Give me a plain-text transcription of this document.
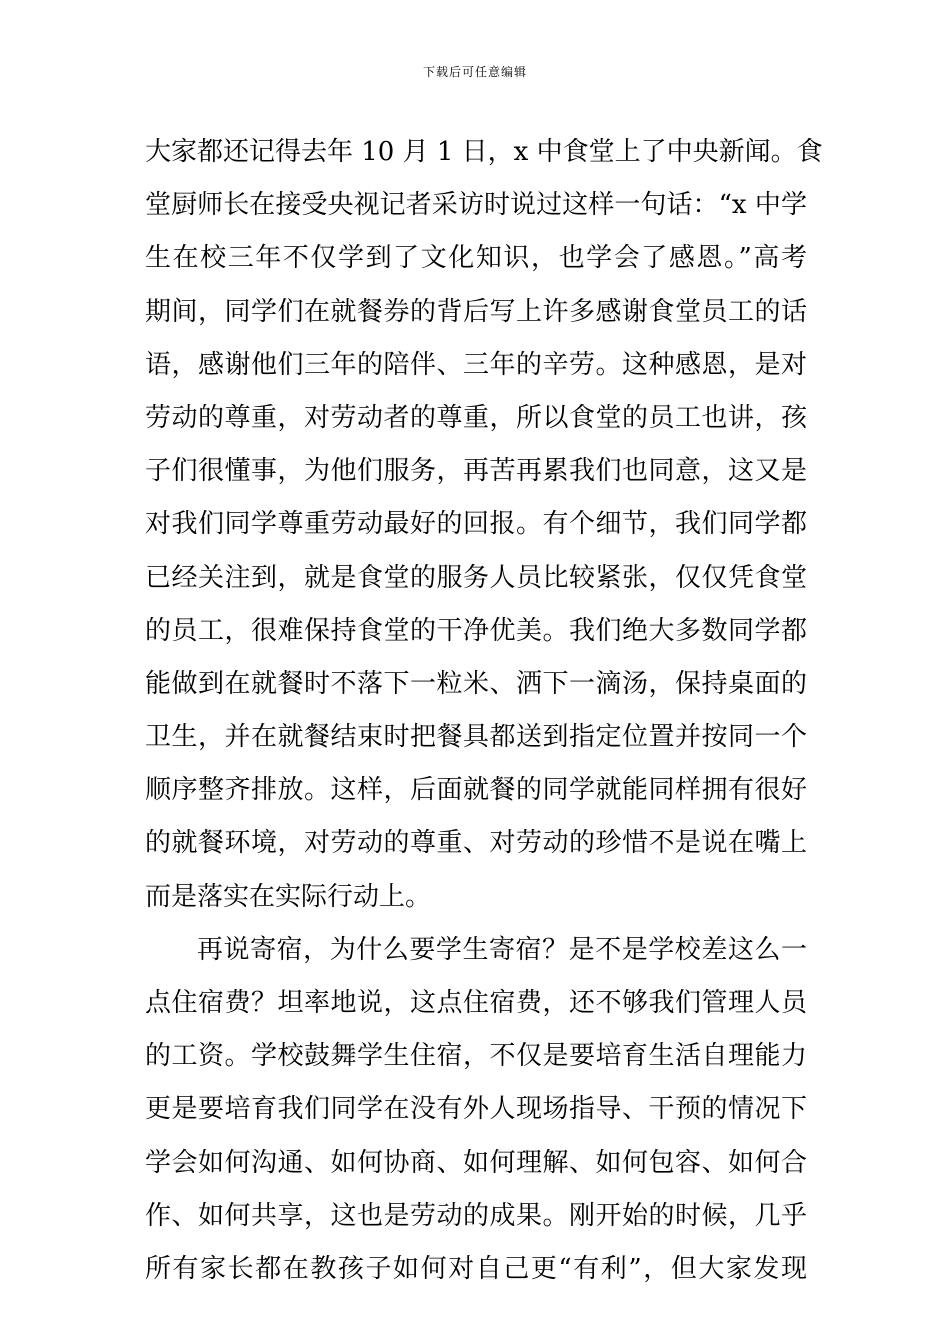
下载后可任意编辑
大家都还记得去年 10 月 1 日，x 中食堂上了中央新闻。食
堂厨师长在接受央视记者采访时说过这样一句话：“x 中学
生在校三年不仅学到了文化知识，也学会了感恩。”高考
期间，同学们在就餐券的背后写上许多感谢食堂员工的话
语，感谢他们三年的陪伴、三年的辛劳。这种感恩，是对
劳动的尊重，对劳动者的尊重，所以食堂的员工也讲，孩
子们很懂事，为他们服务，再苦再累我们也同意，这又是
对我们同学尊重劳动最好的回报。有个细节，我们同学都
已经关注到，就是食堂的服务人员比较紧张，仅仅凭食堂
的员工，很难保持食堂的干净优美。我们绝大多数同学都
能做到在就餐时不落下一粒米、洒下一滴汤，保持桌面的
卫生，并在就餐结束时把餐具都送到指定位置并按同一个
顺序整齐排放。这样，后面就餐的同学就能同样拥有很好
的就餐环境，对劳动的尊重、对劳动的珍惜不是说在嘴上
而是落实在实际行动上。
再说寄宿，为什么要学生寄宿？是不是学校差这么一
点住宿费？坦率地说，这点住宿费，还不够我们管理人员
的工资。学校鼓舞学生住宿，不仅是要培育生活自理能力
更是要培育我们同学在没有外人现场指导、干预的情况下
学会如何沟通、如何协商、如何理解、如何包容、如何合
作、如何共享，这也是劳动的成果。刚开始的时候，几乎
所有家长都在教孩子如何对自己更“有利”，但大家发现
